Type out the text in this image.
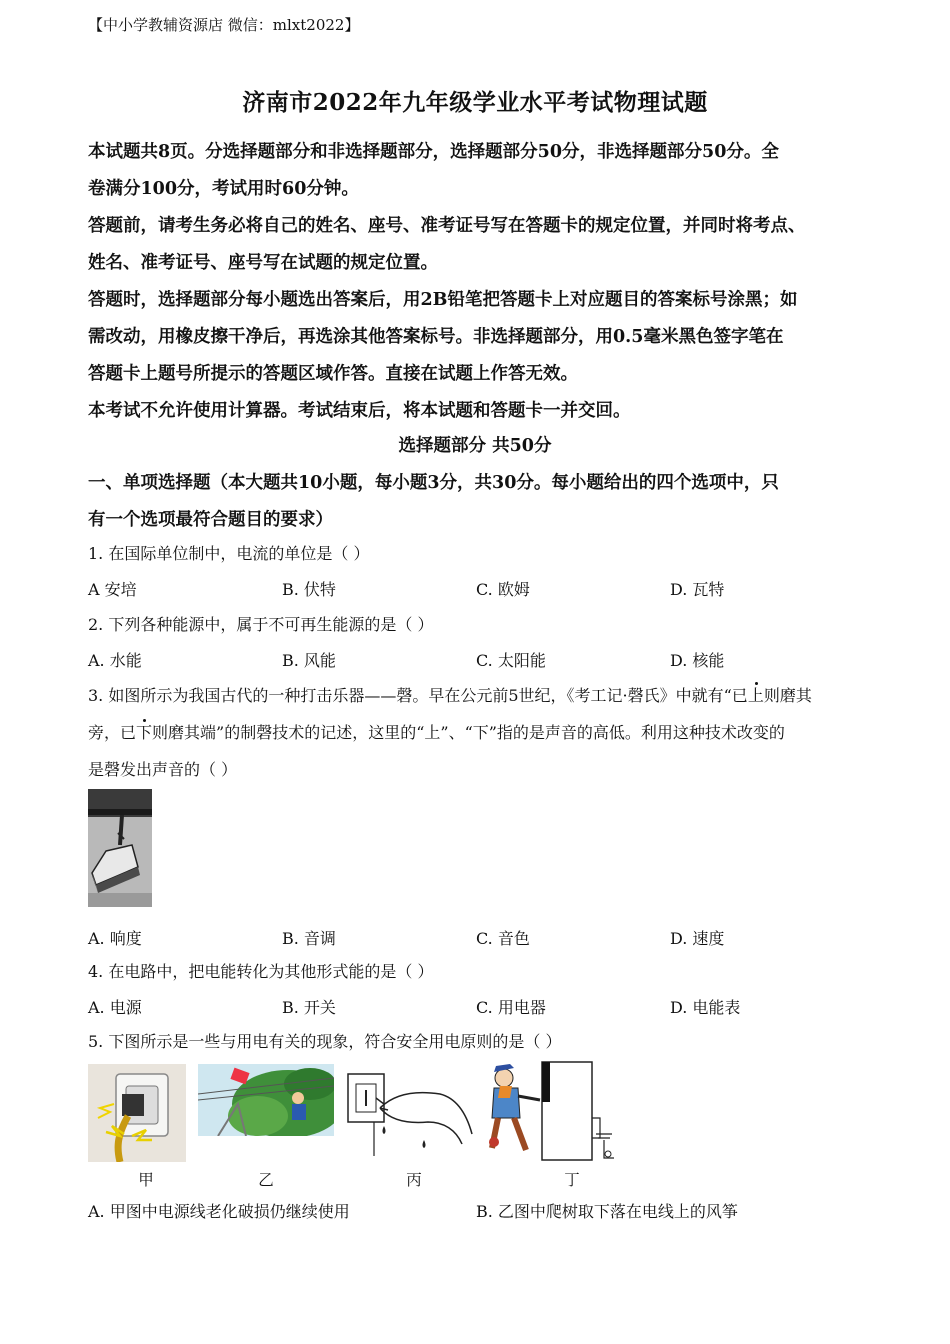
【中小学教辅资源店 微信：mlxt2022】
济南市2022年九年级学业水平考试物理试题
本试题共8页。分选择题部分和非选择题部分，选择题部分50分，非选择题部分50分。全
卷满分100分，考试用时60分钟。
答题前，请考生务必将自己的姓名、座号、准考证号写在答题卡的规定位置，并同时将考点、
姓名、准考证号、座号写在试题的规定位置。
答题时，选择题部分每小题选出答案后，用2B铅笔把答题卡上对应题目的答案标号涂黑；如
需改动，用橡皮擦干净后，再选涂其他答案标号。非选择题部分，用0.5毫米黑色签字笔在
答题卡上题号所提示的答题区域作答。直接在试题上作答无效。
本考试不允许使用计算器。考试结束后，将本试题和答题卡一并交回。
选择题部分 共50分
一、单项选择题（本大题共10小题，每小题3分，共30分。每小题给出的四个选项中，只
有一个选项最符合题目的要求）
1. 在国际单位制中，电流的单位是（ ）
A 安培	B. 伏特	C. 欧姆	D. 瓦特
2. 下列各种能源中，属于不可再生能源的是（ ）
A. 水能	B. 风能	C. 太阳能	D. 核能
3. 如图所示为我国古代的一种打击乐器——磬。早在公元前5世纪，《考工记·磬氏》中就有“已上则磨其
旁，已下则磨其端”的制磬技术的记述，这里的“上”、“下”指的是声音的高低。利用这种技术改变的
是磬发出声音的（ ）
A. 响度	B. 音调	C. 音色	D. 速度
4. 在电路中，把电能转化为其他形式能的是（ ）
A. 电源	B. 开关	C. 用电器	D. 电能表
5. 下图所示是一些与用电有关的现象，符合安全用电原则的是（ ）
甲	乙	丙	丁
A. 甲图中电源线老化破损仍继续使用	B. 乙图中爬树取下落在电线上的风筝
